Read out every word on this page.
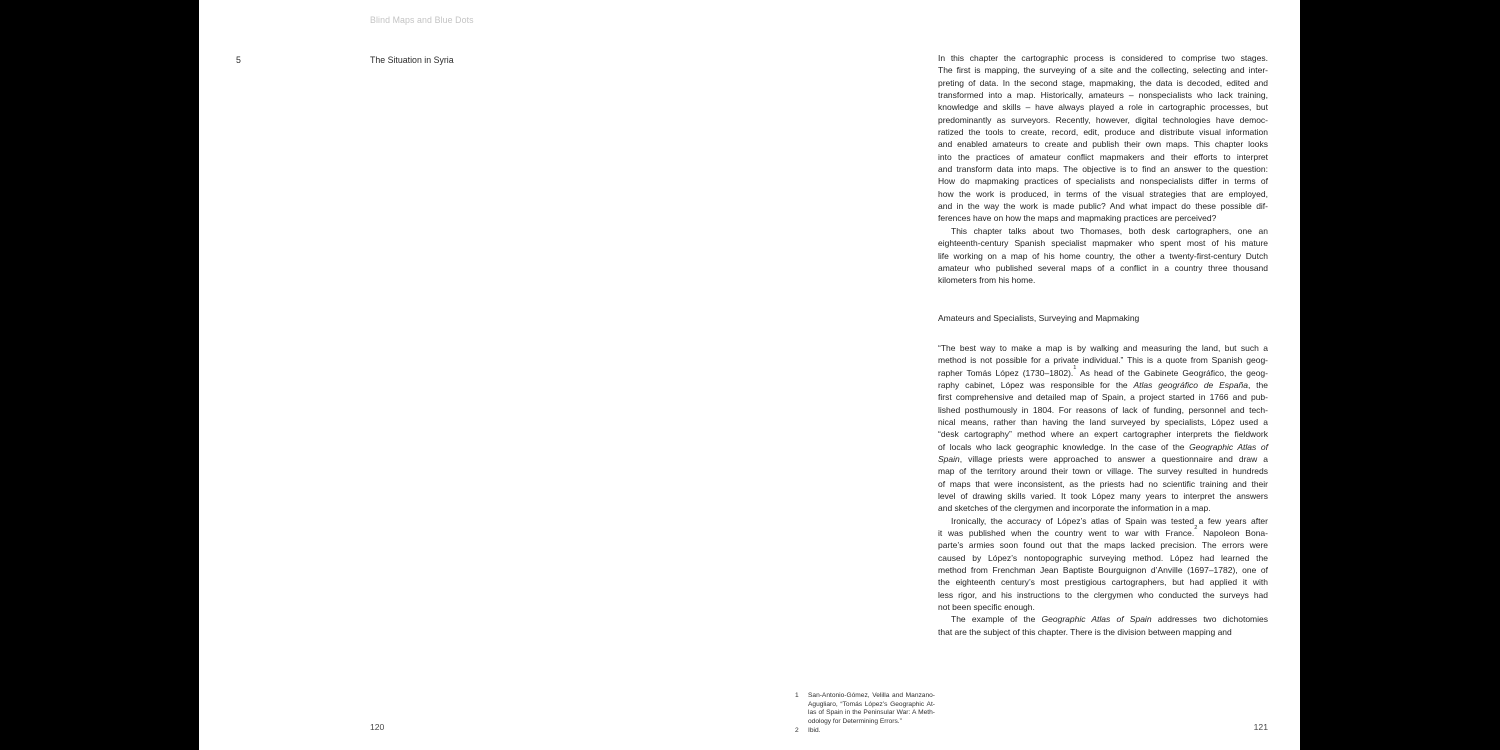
Blind Maps and Blue Dots
5	The Situation in Syria	In this chapter the cartographic process is considered to comprise two stages.
The first is mapping, the surveying of a site and the collecting, selecting and inter-
preting of data. In the second stage, mapmaking, the data is decoded, edited and
transformed into a map. Historically, amateurs – nonspecialists who lack training,
knowledge and skills – have always played a role in cartographic processes, but
predominantly as surveyors. Recently, however, digital technologies have democ-
ratized the tools to create, record, edit, produce and distribute visual information
and enabled amateurs to create and publish their own maps. This chapter looks
into the practices of amateur conflict mapmakers and their efforts to interpret
and transform data into maps. The objective is to find an answer to the question:
How do mapmaking practices of specialists and nonspecialists differ in terms of
how the work is produced, in terms of the visual strategies that are employed,
and in the way the work is made public? And what impact do these possible dif-
ferences have on how the maps and mapmaking practices are perceived?
This chapter talks about two Thomases, both desk cartographers, one an
eighteenth-century Spanish specialist mapmaker who spent most of his mature
life working on a map of his home country, the other a twenty-first-century Dutch
amateur who published several maps of a conflict in a country three thousand
kilometers from his home.
Amateurs and Specialists, Surveying and Mapmaking
“The best way to make a map is by walking and measuring the land, but such a
method is not possible for a private individual.” This is a quote from Spanish geog-
rapher Tomás López (1730–1802).$^1$ As head of the Gabinete Geográfico, the geog-
raphy cabinet, López was responsible for the Atlas geográfico de España, the
first comprehensive and detailed map of Spain, a project started in 1766 and pub-
lished posthumously in 1804. For reasons of lack of funding, personnel and tech-
nical means, rather than having the land surveyed by specialists, López used a
“desk cartography” method where an expert cartographer interprets the fieldwork
of locals who lack geographic knowledge. In the case of the Geographic Atlas of
Spain, village priests were approached to answer a questionnaire and draw a
map of the territory around their town or village. The survey resulted in hundreds
of maps that were inconsistent, as the priests had no scientific training and their
level of drawing skills varied. It took López many years to interpret the answers
and sketches of the clergymen and incorporate the information in a map.
Ironically, the accuracy of López’s atlas of Spain was tested a few years after
it was published when the country went to war with France.$^2$ Napoleon Bona-
parte’s armies soon found out that the maps lacked precision. The errors were
caused by López’s nontopographic surveying method. López had learned the
method from Frenchman Jean Baptiste Bourguignon d’Anville (1697–1782), one of
the eighteenth century’s most prestigious cartographers, but had applied it with
less rigor, and his instructions to the clergymen who conducted the surveys had
not been specific enough.
The example of the Geographic Atlas of Spain addresses two dichotomies
that are the subject of this chapter. There is the division between mapping and
1	San-Antonio-Gómez, Velilla and Manzano-
Agugliaro, “Tomás López’s Geographic At-
las of Spain in the Peninsular War: A Meth-
odology for Determining Errors.”
2	Ibid.
120	121
